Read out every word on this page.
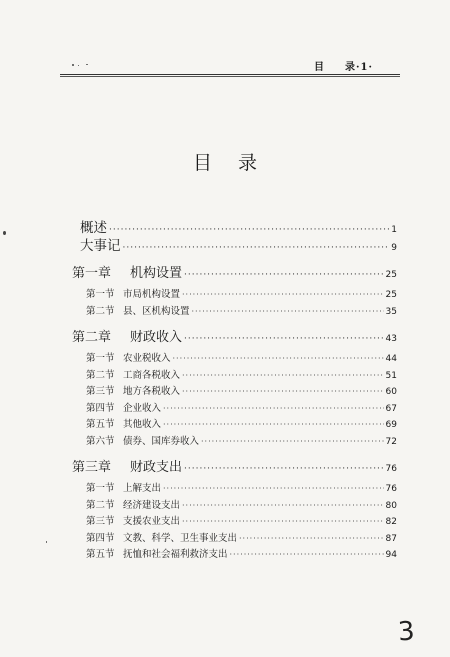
目 录·1·
目录
概述 ·····	1
大事记 ·····	9
第一章	机构设置 ·····	25
第一节 市局机构设置 ·····	25
第二节 县、区机构设置 ·····	35
第二章	财政收入 ·····	43
第一节 农业税收入 ·····	44
第二节 工商各税收入 ·····	51
第三节 地方各税收入 ·····	60
第四节 企业收入 ·····	67
第五节 其他收入 ·····	69
第六节 债券、国库券收入 ·····	72
第三章	财政支出 ·····	76
第一节 上解支出 ·····	76
第二节 经济建设支出 ·····	80
第三节 支援农业支出 ·····	82
第四节 文教、科学、卫生事业支出 ·····	87
第五节 抚恤和社会福利救济支出 ·····	94
3
